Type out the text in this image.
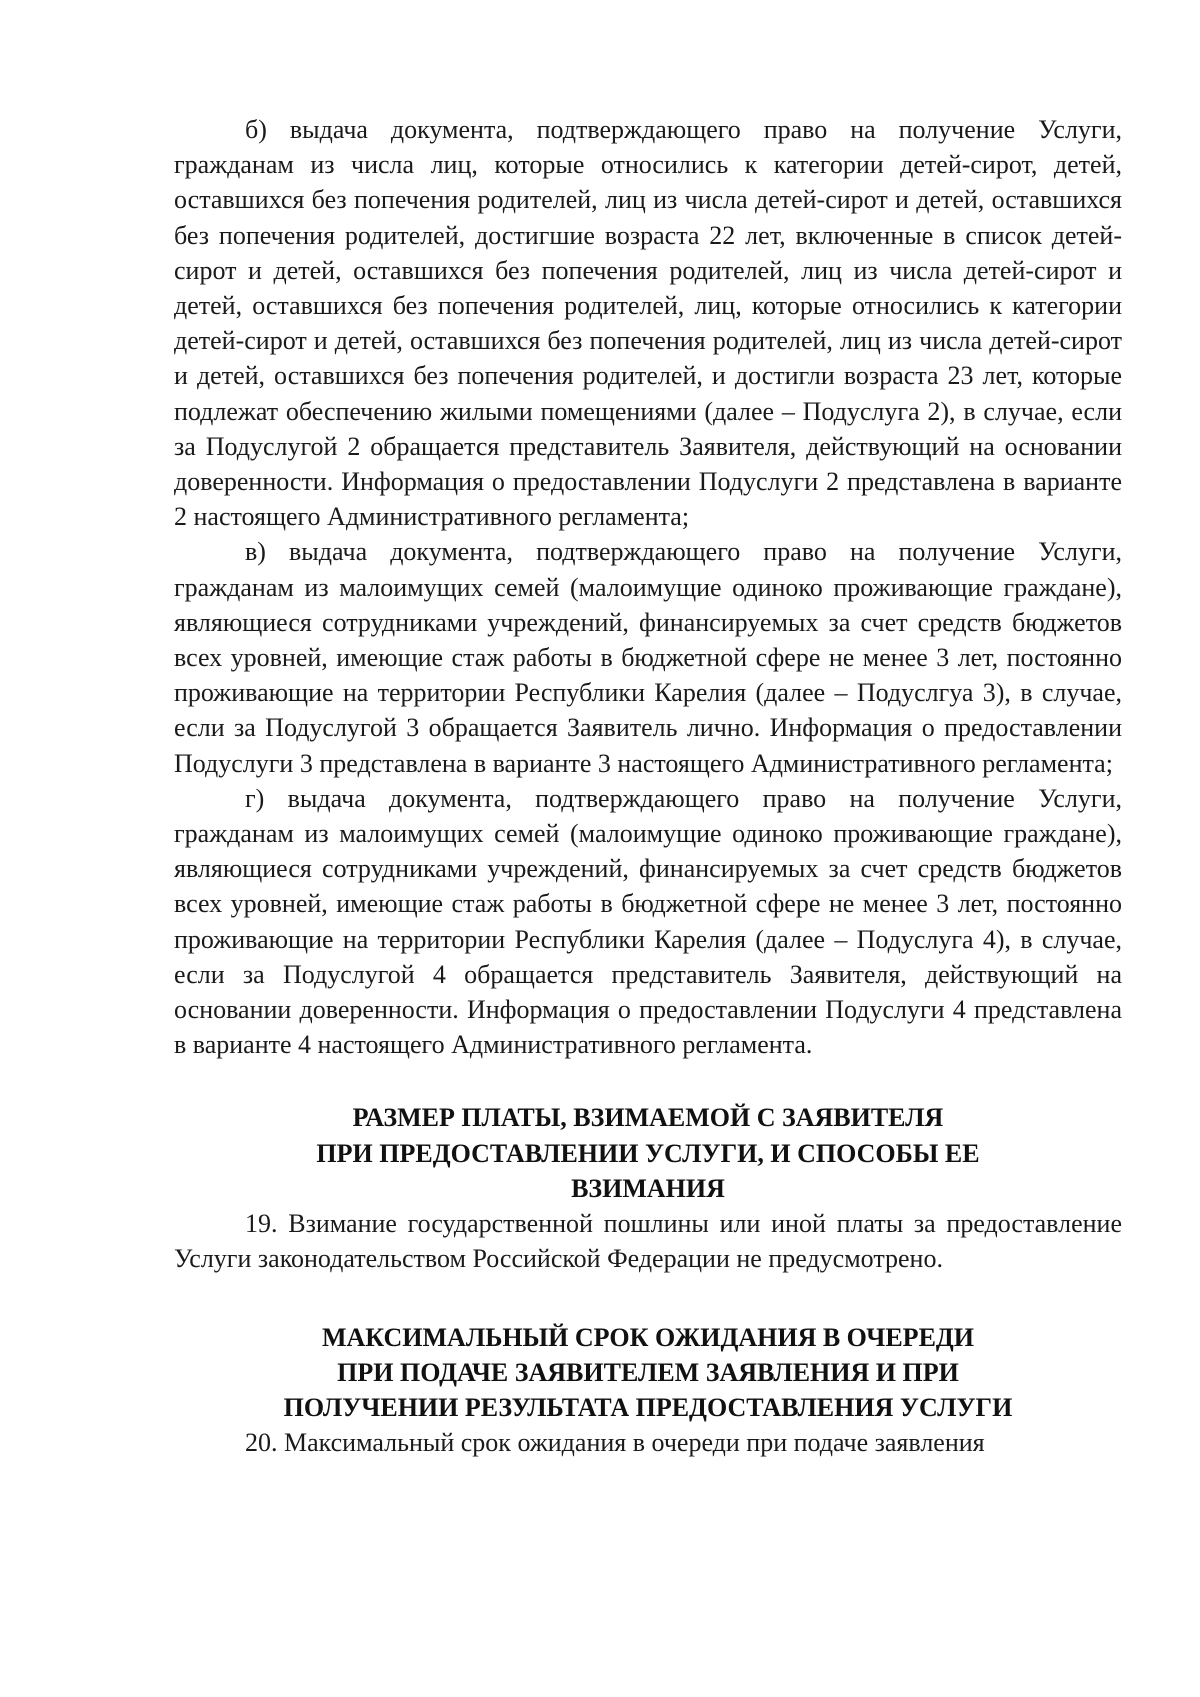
б) выдача документа, подтверждающего право на получение Услуги, гражданам из числа лиц, которые относились к категории детей-сирот, детей, оставшихся без попечения родителей, лиц из числа детей-сирот и детей, оставшихся без попечения родителей, достигшие возраста 22 лет, включенные в список детей-сирот и детей, оставшихся без попечения родителей, лиц из числа детей-сирот и детей, оставшихся без попечения родителей, лиц, которые относились к категории детей-сирот и детей, оставшихся без попечения родителей, лиц из числа детей-сирот и детей, оставшихся без попечения родителей, и достигли возраста 23 лет, которые подлежат обеспечению жилыми помещениями (далее – Подуслуга 2), в случае, если за Подуслугой 2 обращается представитель Заявителя, действующий на основании доверенности. Информация о предоставлении Подуслуги 2 представлена в варианте 2 настоящего Административного регламента;

в) выдача документа, подтверждающего право на получение Услуги, гражданам из малоимущих семей (малоимущие одиноко проживающие граждане), являющиеся сотрудниками учреждений, финансируемых за счет средств бюджетов всех уровней, имеющие стаж работы в бюджетной сфере не менее 3 лет, постоянно проживающие на территории Республики Карелия (далее – Подуслгуа 3), в случае, если за Подуслугой 3 обращается Заявитель лично. Информация о предоставлении Подуслуги 3 представлена в варианте 3 настоящего Административного регламента;

г) выдача документа, подтверждающего право на получение Услуги, гражданам из малоимущих семей (малоимущие одиноко проживающие граждане), являющиеся сотрудниками учреждений, финансируемых за счет средств бюджетов всех уровней, имеющие стаж работы в бюджетной сфере не менее 3 лет, постоянно проживающие на территории Республики Карелия (далее – Подуслуга 4), в случае, если за Подуслугой 4 обращается представитель Заявителя, действующий на основании доверенности. Информация о предоставлении Подуслуги 4 представлена в варианте 4 настоящего Административного регламента.

РАЗМЕР ПЛАТЫ, ВЗИМАЕМОЙ С ЗАЯВИТЕЛЯ
ПРИ ПРЕДОСТАВЛЕНИИ УСЛУГИ, И СПОСОБЫ ЕЕ
ВЗИМАНИЯ

19. Взимание государственной пошлины или иной платы за предоставление Услуги законодательством Российской Федерации не предусмотрено.

МАКСИМАЛЬНЫЙ СРОК ОЖИДАНИЯ В ОЧЕРЕДИ
ПРИ ПОДАЧЕ ЗАЯВИТЕЛЕМ ЗАЯВЛЕНИЯ И ПРИ
ПОЛУЧЕНИИ РЕЗУЛЬТАТА ПРЕДОСТАВЛЕНИЯ УСЛУГИ

20. Максимальный срок ожидания в очереди при подаче заявления
